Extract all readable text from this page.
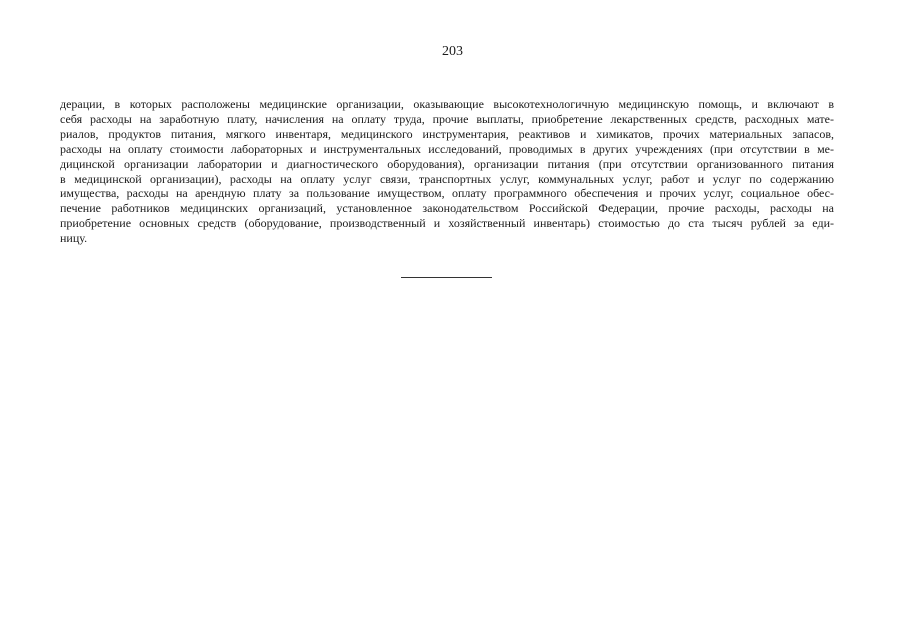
203
дерации, в которых расположены медицинские организации, оказывающие высокотехнологичную медицинскую помощь, и включают в
себя расходы на заработную плату, начисления на оплату труда, прочие выплаты, приобретение лекарственных средств, расходных мате-
риалов, продуктов питания, мягкого инвентаря, медицинского инструментария, реактивов и химикатов, прочих материальных запасов,
расходы на оплату стоимости лабораторных и инструментальных исследований, проводимых в других учреждениях (при отсутствии в ме-
дицинской организации лаборатории и диагностического оборудования), организации питания (при отсутствии организованного питания
в медицинской организации), расходы на оплату услуг связи, транспортных услуг, коммунальных услуг, работ и услуг по содержанию
имущества, расходы на арендную плату за пользование имуществом, оплату программного обеспечения и прочих услуг, социальное обес-
печение работников медицинских организаций, установленное законодательством Российской Федерации, прочие расходы, расходы на
приобретение основных средств (оборудование, производственный и хозяйственный инвентарь) стоимостью до ста тысяч рублей за еди-
ницу.
